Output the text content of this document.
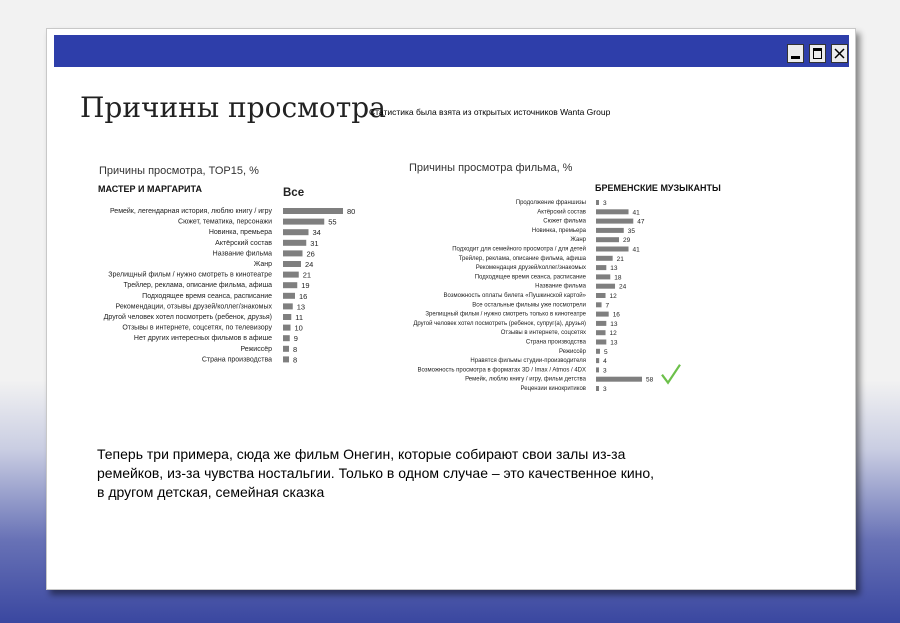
Причины просмотра
Статистика была взята из открытых источников Wanta Group
Причины просмотра, ТОР15, %
МАСТЕР И МАРГАРИТА	Все
Ремейк, легендарная история, люблю книгу / игру	80
Сюжет, тематика, персонажи	55
Новинка, премьера	34
Актёрский состав	31
Название фильма	26
Жанр	24
Зрелищный фильм / нужно смотреть в кинотеатре	21
Трейлер, реклама, описание фильма, афиша	19
Подходящее время сеанса, расписание	16
Рекомендации, отзывы друзей/коллег/знакомых	13
Другой человек хотел посмотреть (ребенок, друзья)	11
Отзывы в интернете, соцсетях, по телевизору	10
Нет других интересных фильмов в афише	9
Режиссёр	8
Страна производства	8
Причины просмотра фильма, %
БРЕМЕНСКИЕ МУЗЫКАНТЫ
Продолжение франшизы	3
Актёрский состав	41
Сюжет фильма	47
Новинка, премьера	35
Жанр	29
Подходит для семейного просмотра / для детей	41
Трейлер, реклама, описание фильма, афиша	21
Рекомендация друзей/коллег/знакомых	13
Подходящее время сеанса, расписание	18
Название фильма	24
Возможность оплаты билета «Пушкинской картой»	12
Все остальные фильмы уже посмотрели	7
Зрелищный фильм / нужно смотреть только в кинотеатре	16
Другой человек хотел посмотреть (ребенок, супруг(а), друзья)	13
Отзывы в интернете, соцсетях	12
Страна производства	13
Режиссёр	5
Нравятся фильмы студии-производителя	4
Возможность просмотра в форматах 3D / Imax / Atmos / 4DX	3
Ремейк, люблю книгу / игру, фильм детства	58
Рецензии кинокритиков	3
Теперь три примера, сюда же фильм Онегин, которые собирают свои залы из-за ремейков, из-за чувства ностальгии. Только в одном случае – это качественное кино, в другом детская, семейная сказка
